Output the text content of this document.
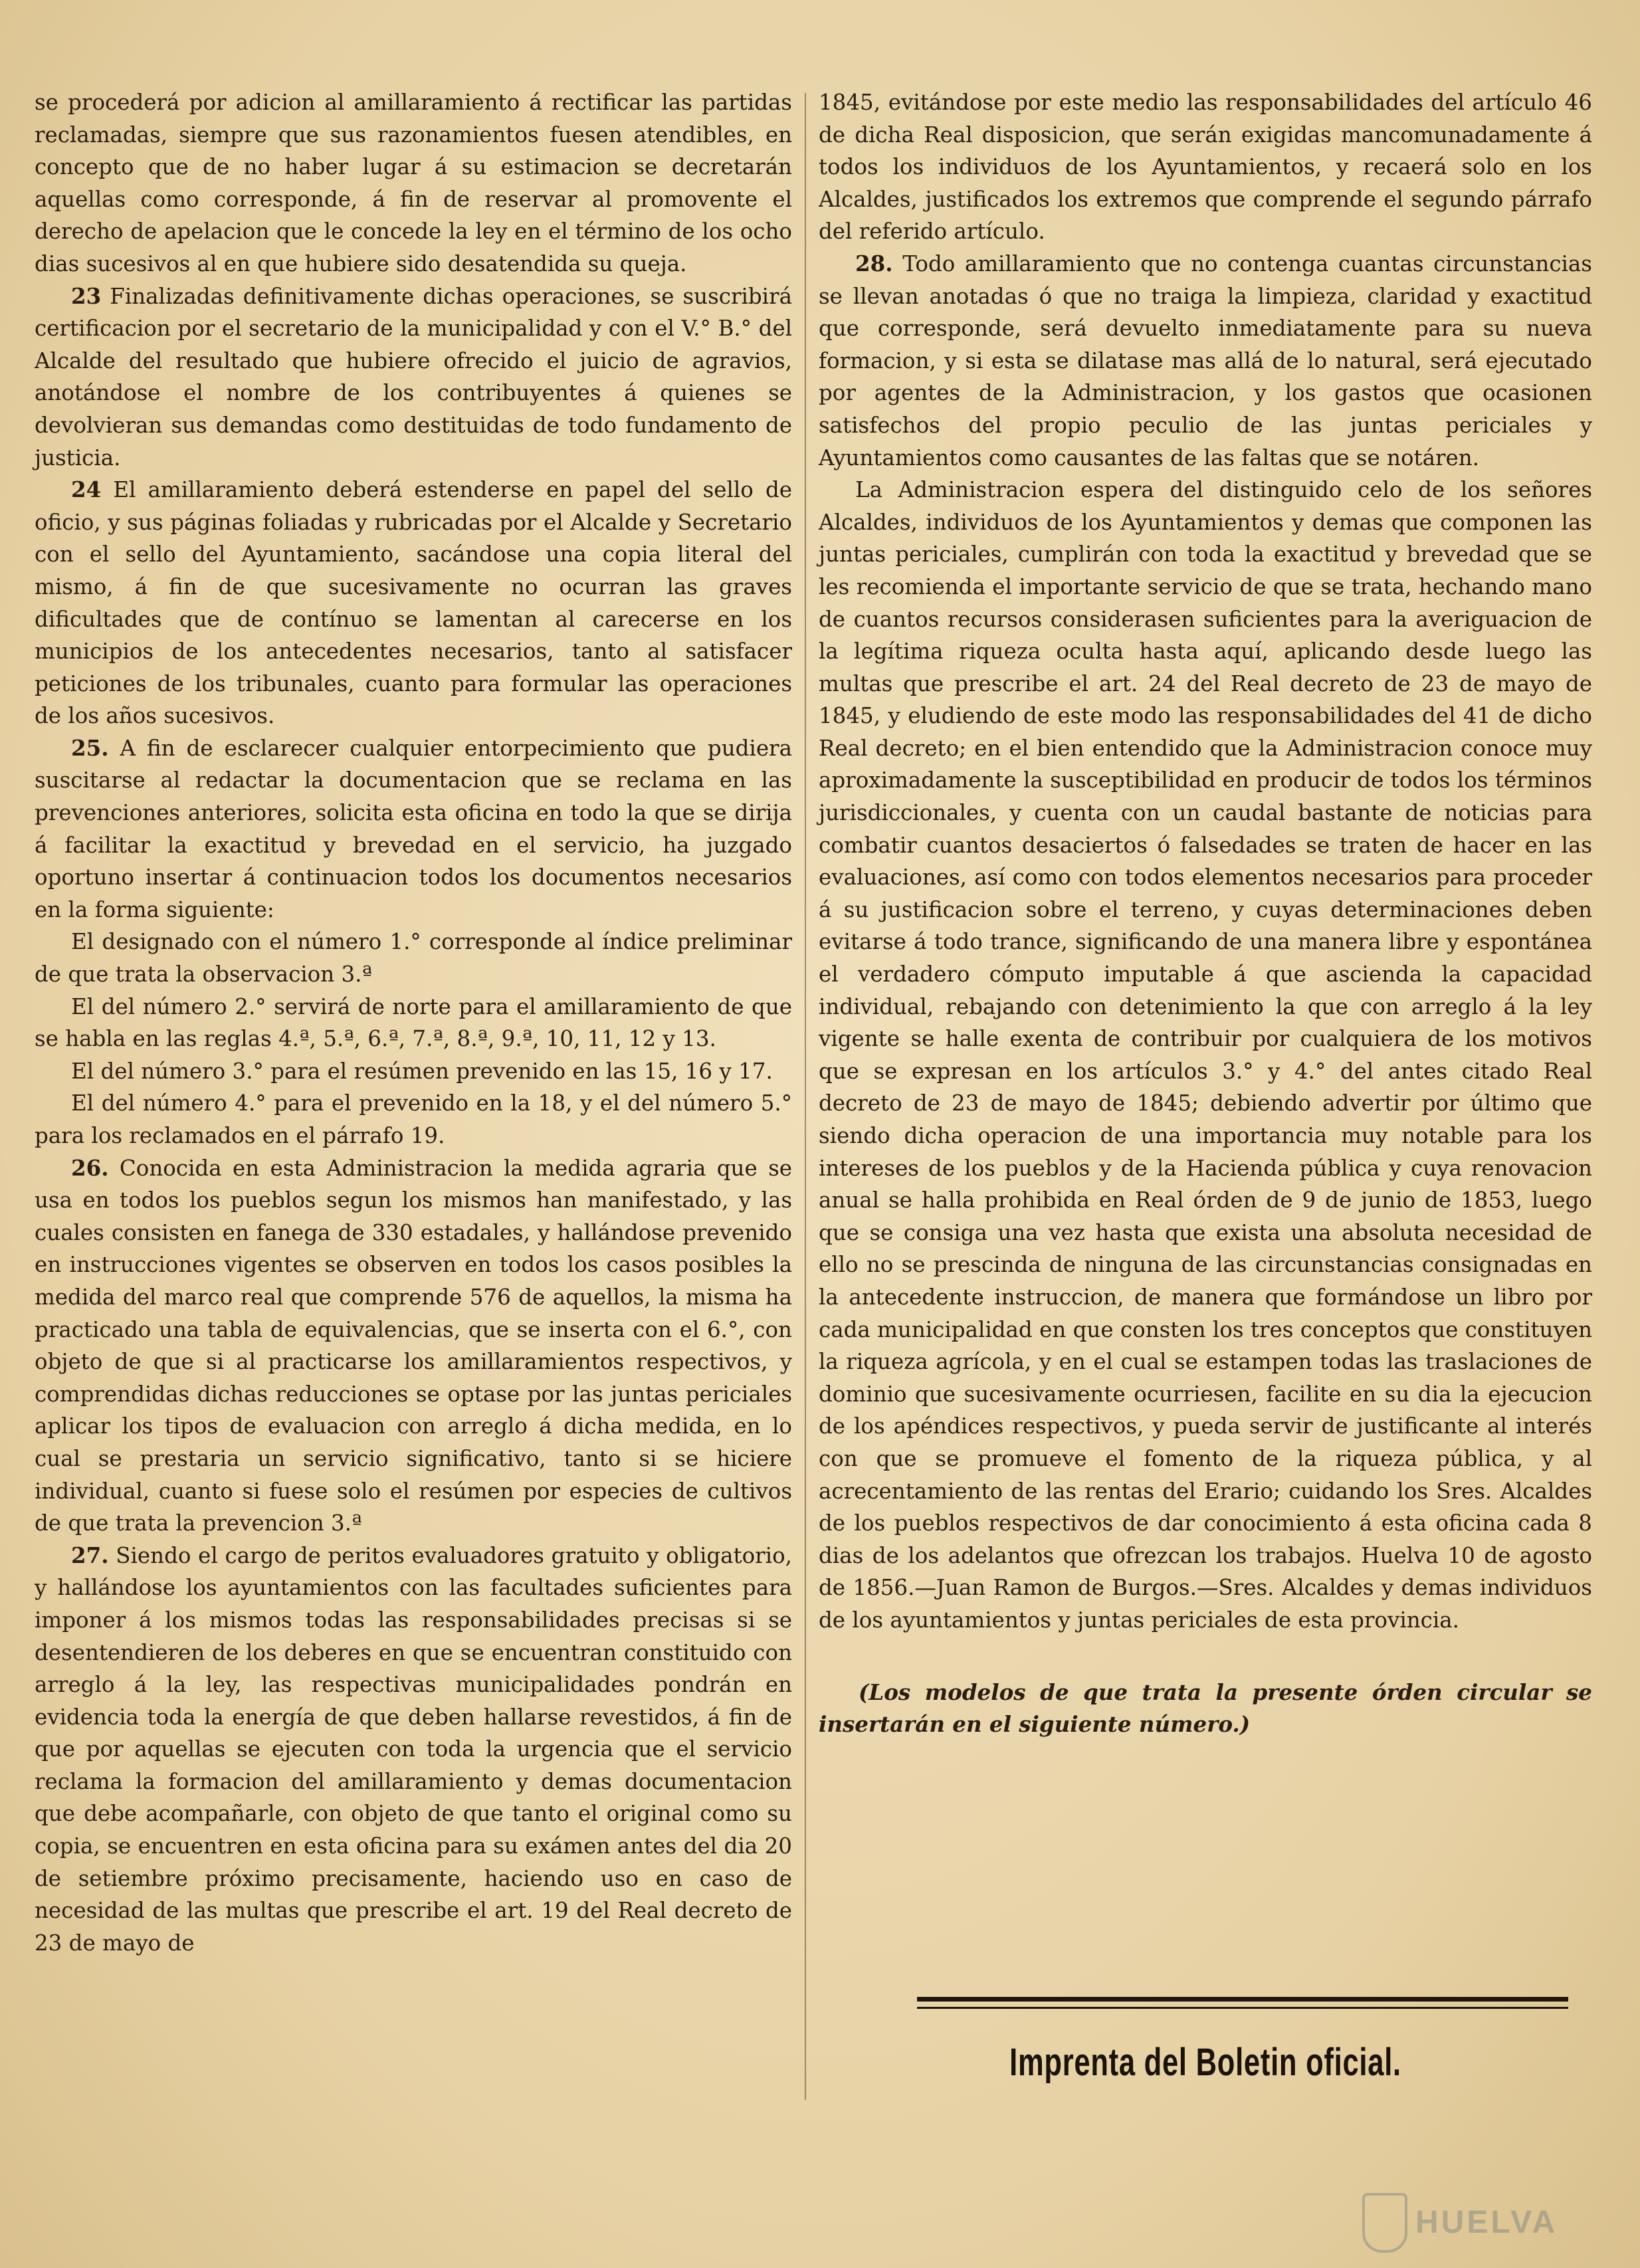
se procederá por adicion al amillaramiento á rectificar las partidas reclamadas, siempre que sus razonamientos fuesen atendibles, en concepto que de no haber lugar á su estimacion se decretarán aquellas como corresponde, á fin de reservar al promovente el derecho de apelacion que le concede la ley en el término de los ocho dias sucesivos al en que hubiere sido desatendida su queja.

23 Finalizadas definitivamente dichas operaciones, se suscribirá certificacion por el secretario de la municipalidad y con el V.° B.° del Alcalde del resultado que hubiere ofrecido el juicio de agravios, anotándose el nombre de los contribuyentes á quienes se devolvieran sus demandas como destituidas de todo fundamento de justicia.

24 El amillaramiento deberá estenderse en papel del sello de oficio, y sus páginas foliadas y rubricadas por el Alcalde y Secretario con el sello del Ayuntamiento, sacándose una copia literal del mismo, á fin de que sucesivamente no ocurran las graves dificultades que de contínuo se lamentan al carecerse en los municipios de los antecedentes necesarios, tanto al satisfacer peticiones de los tribunales, cuanto para formular las operaciones de los años sucesivos.

25. A fin de esclarecer cualquier entorpecimiento que pudiera suscitarse al redactar la documentacion que se reclama en las prevenciones anteriores, solicita esta oficina en todo la que se dirija á facilitar la exactitud y brevedad en el servicio, ha juzgado oportuno insertar á continuacion todos los documentos necesarios en la forma siguiente:

El designado con el número 1.° corresponde al índice preliminar de que trata la observacion 3.ª

El del número 2.° servirá de norte para el amillaramiento de que se habla en las reglas 4.ª, 5.ª, 6.ª, 7.ª, 8.ª, 9.ª, 10, 11, 12 y 13.

El del número 3.° para el resúmen prevenido en las 15, 16 y 17.

El del número 4.° para el prevenido en la 18, y el del número 5.° para los reclamados en el párrafo 19.

26. Conocida en esta Administracion la medida agraria que se usa en todos los pueblos segun los mismos han manifestado, y las cuales consisten en fanega de 330 estadales, y hallándose prevenido en instrucciones vigentes se observen en todos los casos posibles la medida del marco real que comprende 576 de aquellos, la misma ha practicado una tabla de equivalencias, que se inserta con el 6.°, con objeto de que si al practicarse los amillaramientos respectivos, y comprendidas dichas reducciones se optase por las juntas periciales aplicar los tipos de evaluacion con arreglo á dicha medida, en lo cual se prestaria un servicio significativo, tanto si se hiciere individual, cuanto si fuese solo el resúmen por especies de cultivos de que trata la prevencion 3.ª

27. Siendo el cargo de peritos evaluadores gratuito y obligatorio, y hallándose los ayuntamientos con las facultades suficientes para imponer á los mismos todas las responsabilidades precisas si se desentendieren de los deberes en que se encuentran constituido con arreglo á la ley, las respectivas municipalidades pondrán en evidencia toda la energía de que deben hallarse revestidos, á fin de que por aquellas se ejecuten con toda la urgencia que el servicio reclama la formacion del amillaramiento y demas documentacion que debe acompañarle, con objeto de que tanto el original como su copia, se encuentren en esta oficina para su exámen antes del dia 20 de setiembre próximo precisamente, haciendo uso en caso de necesidad de las multas que prescribe el art. 19 del Real decreto de 23 de mayo de

1845, evitándose por este medio las responsabilidades del artículo 46 de dicha Real disposicion, que serán exigidas mancomunadamente á todos los individuos de los Ayuntamientos, y recaerá solo en los Alcaldes, justificados los extremos que comprende el segundo párrafo del referido artículo.

28. Todo amillaramiento que no contenga cuantas circunstancias se llevan anotadas ó que no traiga la limpieza, claridad y exactitud que corresponde, será devuelto inmediatamente para su nueva formacion, y si esta se dilatase mas allá de lo natural, será ejecutado por agentes de la Administracion, y los gastos que ocasionen satisfechos del propio peculio de las juntas periciales y Ayuntamientos como causantes de las faltas que se notáren.

La Administracion espera del distinguido celo de los señores Alcaldes, individuos de los Ayuntamientos y demas que componen las juntas periciales, cumplirán con toda la exactitud y brevedad que se les recomienda el importante servicio de que se trata, hechando mano de cuantos recursos considerasen suficientes para la averiguacion de la legítima riqueza oculta hasta aquí, aplicando desde luego las multas que prescribe el art. 24 del Real decreto de 23 de mayo de 1845, y eludiendo de este modo las responsabilidades del 41 de dicho Real decreto; en el bien entendido que la Administracion conoce muy aproximadamente la susceptibilidad en producir de todos los términos jurisdiccionales, y cuenta con un caudal bastante de noticias para combatir cuantos desaciertos ó falsedades se traten de hacer en las evaluaciones, así como con todos elementos necesarios para proceder á su justificacion sobre el terreno, y cuyas determinaciones deben evitarse á todo trance, significando de una manera libre y espontánea el verdadero cómputo imputable á que ascienda la capacidad individual, rebajando con detenimiento la que con arreglo á la ley vigente se halle exenta de contribuir por cualquiera de los motivos que se expresan en los artículos 3.° y 4.° del antes citado Real decreto de 23 de mayo de 1845; debiendo advertir por último que siendo dicha operacion de una importancia muy notable para los intereses de los pueblos y de la Hacienda pública y cuya renovacion anual se halla prohibida en Real órden de 9 de junio de 1853, luego que se consiga una vez hasta que exista una absoluta necesidad de ello no se prescinda de ninguna de las circunstancias consignadas en la antecedente instruccion, de manera que formándose un libro por cada municipalidad en que consten los tres conceptos que constituyen la riqueza agrícola, y en el cual se estampen todas las traslaciones de dominio que sucesivamente ocurriesen, facilite en su dia la ejecucion de los apéndices respectivos, y pueda servir de justificante al interés con que se promueve el fomento de la riqueza pública, y al acrecentamiento de las rentas del Erario; cuidando los Sres. Alcaldes de los pueblos respectivos de dar conocimiento á esta oficina cada 8 dias de los adelantos que ofrezcan los trabajos. Huelva 10 de agosto de 1856.—Juan Ramon de Burgos.—Sres. Alcaldes y demas individuos de los ayuntamientos y juntas periciales de esta provincia.

(Los modelos de que trata la presente órden circular se insertarán en el siguiente número.)

Imprenta del Boletin oficial.
HUELVA
